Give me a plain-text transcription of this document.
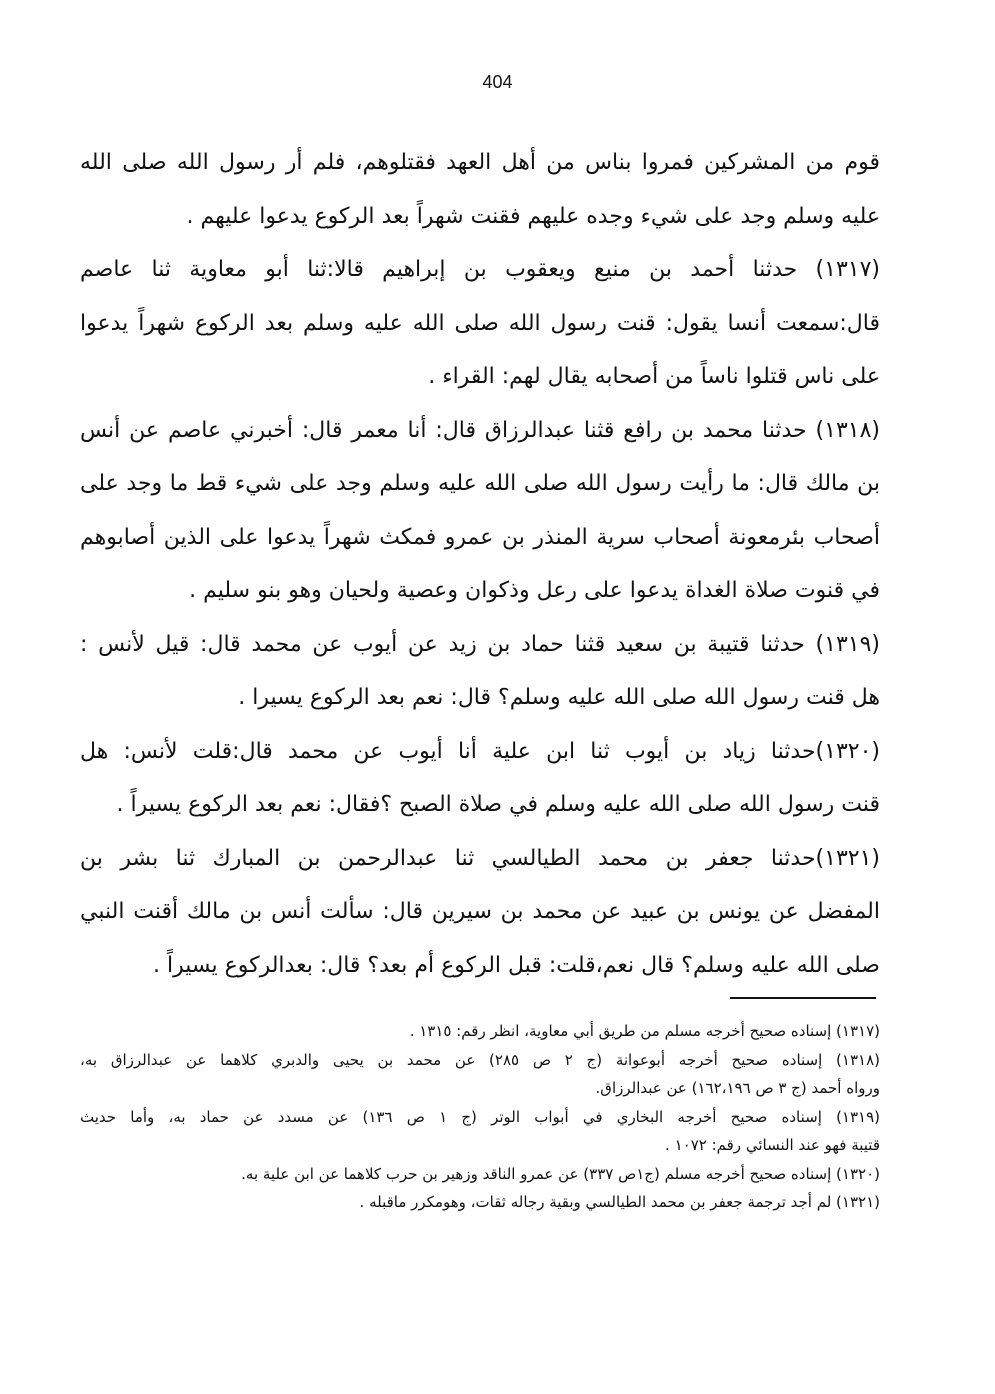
404
قوم من المشركين فمروا بناس من أهل العهد فقتلوهم، فلم أر رسول الله صلى الله
عليه وسلم وجد على شيء وجده عليهم فقنت شهراً بعد الركوع يدعوا عليهم .
(١٣١٧) حدثنا أحمد بن منيع ويعقوب بن إبراهيم قالا:ثنا أبو معاوية ثنا عاصم
قال:سمعت أنسا يقول: قنت رسول الله صلى الله عليه وسلم بعد الركوع شهراً يدعوا
على ناس قتلوا ناساً من أصحابه يقال لهم: القراء .
(١٣١٨) حدثنا محمد بن رافع قثنا عبدالرزاق قال: أنا معمر قال: أخبرني عاصم عن أنس
بن مالك قال: ما رأيت رسول الله صلى الله عليه وسلم وجد على شيء قط ما وجد على
أصحاب بئرمعونة أصحاب سرية المنذر بن عمرو فمكث شهراً يدعوا على الذين أصابوهم
في قنوت صلاة الغداة يدعوا على رعل وذكوان وعصية ولحيان وهو بنو سليم .
(١٣١٩) حدثنا قتيبة بن سعيد قثنا حماد بن زيد عن أيوب عن محمد قال: قيل لأنس :
هل قنت رسول الله صلى الله عليه وسلم؟ قال: نعم بعد الركوع يسيرا .
(١٣٢٠)حدثنا زياد بن أيوب ثنا ابن علية أنا أيوب عن محمد قال:قلت لأنس: هل
قنت رسول الله صلى الله عليه وسلم في صلاة الصبح ؟فقال: نعم بعد الركوع يسيراً .
(١٣٢١)حدثنا جعفر بن محمد الطيالسي ثنا عبدالرحمن بن المبارك ثنا بشر بن
المفضل عن يونس بن عبيد عن محمد بن سيرين قال: سألت أنس بن مالك أقنت النبي
صلى الله عليه وسلم؟ قال نعم،قلت: قبل الركوع أم بعد؟ قال: بعدالركوع يسيراً .
(١٣١٧) إسناده صحيح أخرجه مسلم من طريق أبي معاوية، انظر رقم: ١٣١٥ .
(١٣١٨) إسناده صحيح أخرجه أبوعوانة (ج ٢ ص ٢٨٥) عن محمد بن يحيى والدبري كلاهما عن عبدالرزاق به،
ورواه أحمد (ج ٣ ص ١٦٢،١٩٦) عن عبدالرزاق.
(١٣١٩) إسناده صحيح أخرجه البخاري في أبواب الوتر (ج ١ ص ١٣٦) عن مسدد عن حماد به، وأما حديث
قتيبة فهو عند النسائي رقم: ١٠٧٢ .
(١٣٢٠) إسناده صحيح أخرجه مسلم (ج١ص ٣٣٧) عن عمرو الناقد وزهير بن حرب كلاهما عن ابن علية به.
(١٣٢١) لم أجد ترجمة جعفر بن محمد الطيالسي وبقية رجاله ثقات، وهومكرر ماقبله .
